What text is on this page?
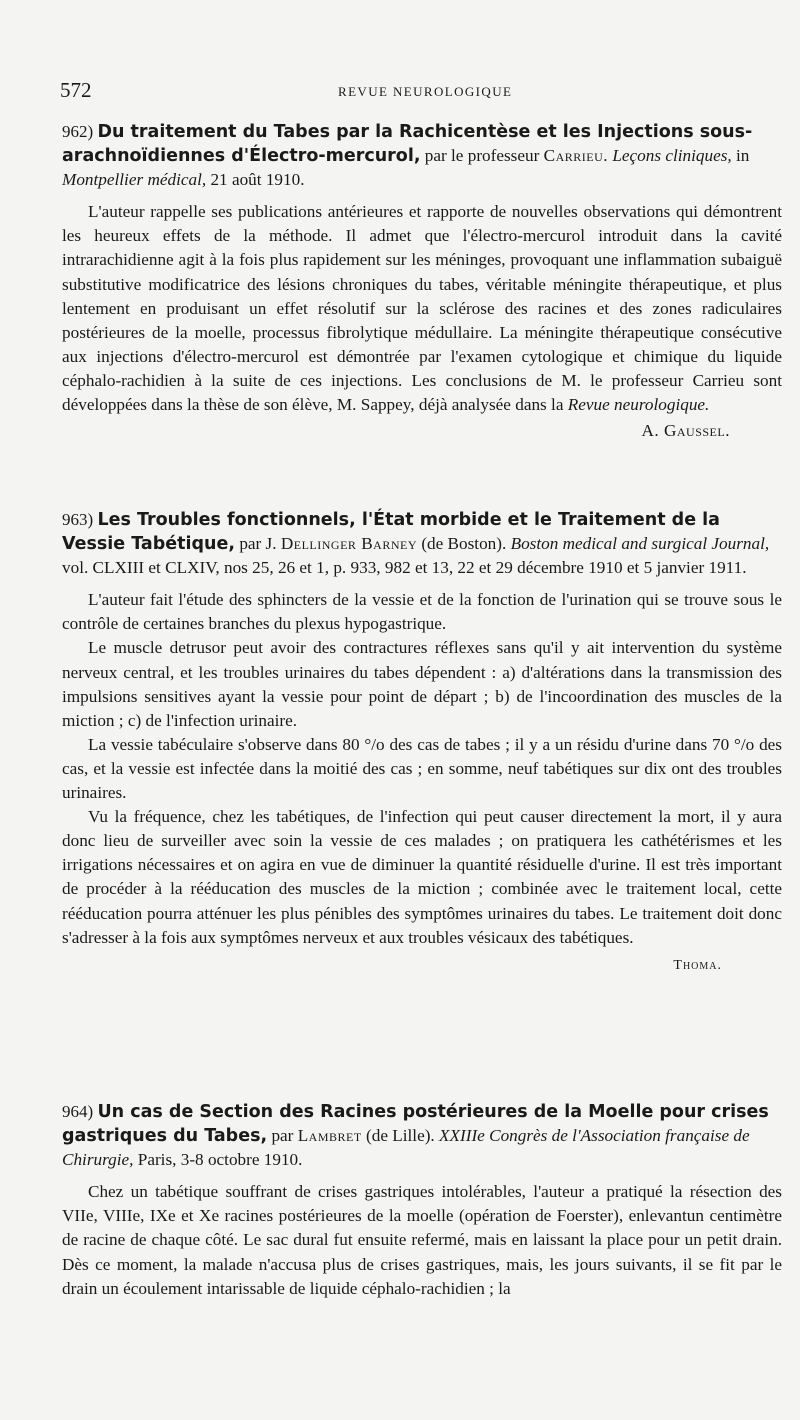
572	REVUE NEUROLOGIQUE
962) Du traitement du Tabes par la Rachicentèse et les Injections sous-arachnoïdiennes d'Électro-mercurol, par le professeur Carrieu. Leçons cliniques, in Montpellier médical, 21 août 1910.

L'auteur rappelle ses publications antérieures et rapporte de nouvelles observations qui démontrent les heureux effets de la méthode. Il admet que l'électro-mercurol introduit dans la cavité intrarachidienne agit à la fois plus rapidement sur les méninges, provoquant une inflammation subaiguë substitutive modificatrice des lésions chroniques du tabes, véritable méningite thérapeutique, et plus lentement en produisant un effet résolutif sur la sclérose des racines et des zones radiculaires postérieures de la moelle, processus fibrolytique médullaire. La méningite thérapeutique consécutive aux injections d'électro-mercurol est démontrée par l'examen cytologique et chimique du liquide céphalo-rachidien à la suite de ces injections. Les conclusions de M. le professeur Carrieu sont développées dans la thèse de son élève, M. Sappey, déjà analysée dans la Revue neurologique.

A. Gaussel.
963) Les Troubles fonctionnels, l'État morbide et le Traitement de la Vessie Tabétique, par J. Dellinger Barney (de Boston). Boston medical and surgical Journal, vol. CLXIII et CLXIV, nos 25, 26 et 1, p. 933, 982 et 13, 22 et 29 décembre 1910 et 5 janvier 1911.

L'auteur fait l'étude des sphincters de la vessie et de la fonction de l'urination qui se trouve sous le contrôle de certaines branches du plexus hypogastrique.

Le muscle detrusor peut avoir des contractures réflexes sans qu'il y ait intervention du système nerveux central, et les troubles urinaires du tabes dépendent : a) d'altérations dans la transmission des impulsions sensitives ayant la vessie pour point de départ ; b) de l'incoordination des muscles de la miction ; c) de l'infection urinaire.

La vessie tabéculaire s'observe dans 80 °/o des cas de tabes ; il y a un résidu d'urine dans 70 °/o des cas, et la vessie est infectée dans la moitié des cas ; en somme, neuf tabétiques sur dix ont des troubles urinaires.

Vu la fréquence, chez les tabétiques, de l'infection qui peut causer directement la mort, il y aura donc lieu de surveiller avec soin la vessie de ces malades ; on pratiquera les cathétérismes et les irrigations nécessaires et on agira en vue de diminuer la quantité résiduelle d'urine. Il est très important de procéder à la rééducation des muscles de la miction ; combinée avec le traitement local, cette rééducation pourra atténuer les plus pénibles des symptômes urinaires du tabes. Le traitement doit donc s'adresser à la fois aux symptômes nerveux et aux troubles vésicaux des tabétiques.

Thoma.
964) Un cas de Section des Racines postérieures de la Moelle pour crises gastriques du Tabes, par Lambret (de Lille). XXIIIe Congrès de l'Association française de Chirurgie, Paris, 3-8 octobre 1910.

Chez un tabétique souffrant de crises gastriques intolérables, l'auteur a pratiqué la résection des VIIe, VIIIe, IXe et Xe racines postérieures de la moelle (opération de Foerster), enlevantun centimètre de racine de chaque côté. Le sac dural fut ensuite refermé, mais en laissant la place pour un petit drain. Dès ce moment, la malade n'accusa plus de crises gastriques, mais, les jours suivants, il se fit par le drain un écoulement intarissable de liquide céphalo-rachidien ; la
